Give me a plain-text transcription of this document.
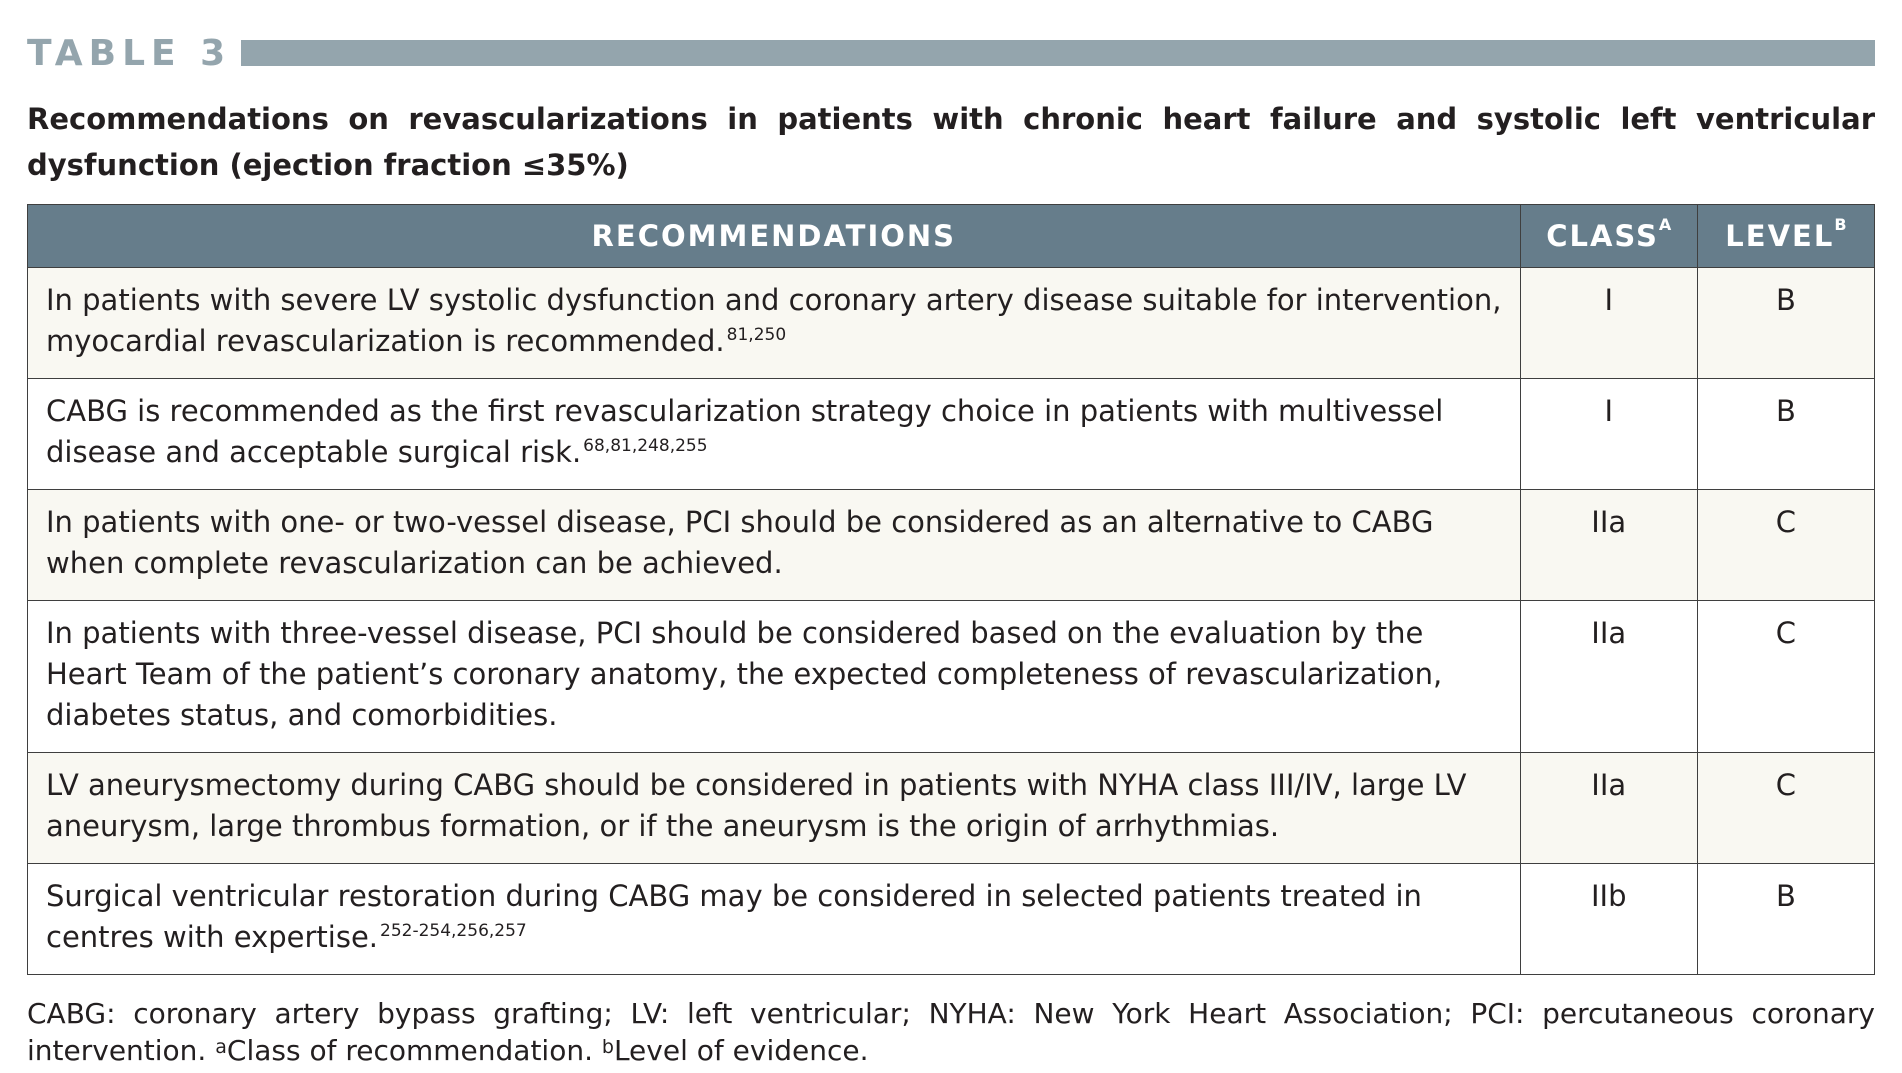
TABLE 3
Recommendations on revascularizations in patients with chronic heart failure and systolic left ventricular dysfunction (ejection fraction ≤35%)
RECOMMENDATIONS	$CLASS^A$	$LEVEL^B$
In patients with severe LV systolic dysfunction and coronary artery disease suitable for intervention, myocardial revascularization is recommended. $^{81,250}$	I	B
CABG is recommended as the first revascularization strategy choice in patients with multivessel disease and acceptable surgical risk. $^{68,81,248,255}$	I	B
In patients with one- or two-vessel disease, PCI should be considered as an alternative to CABG when complete revascularization can be achieved.	IIa	C
In patients with three-vessel disease, PCI should be considered based on the evaluation by the Heart Team of the patient’s coronary anatomy, the expected completeness of revascularization, diabetes status, and comorbidities.	IIa	C
LV aneurysmectomy during CABG should be considered in patients with NYHA class III/IV, large LV aneurysm, large thrombus formation, or if the aneurysm is the origin of arrhythmias.	IIa	C
Surgical ventricular restoration during CABG may be considered in selected patients treated in centres with expertise. $^{252-254,256,257}$	IIb	B
CABG: coronary artery bypass grafting; LV: left ventricular; NYHA: New York Heart Association; PCI: percutaneous coronary intervention. $^a$Class of recommendation. $^b$Level of evidence.
